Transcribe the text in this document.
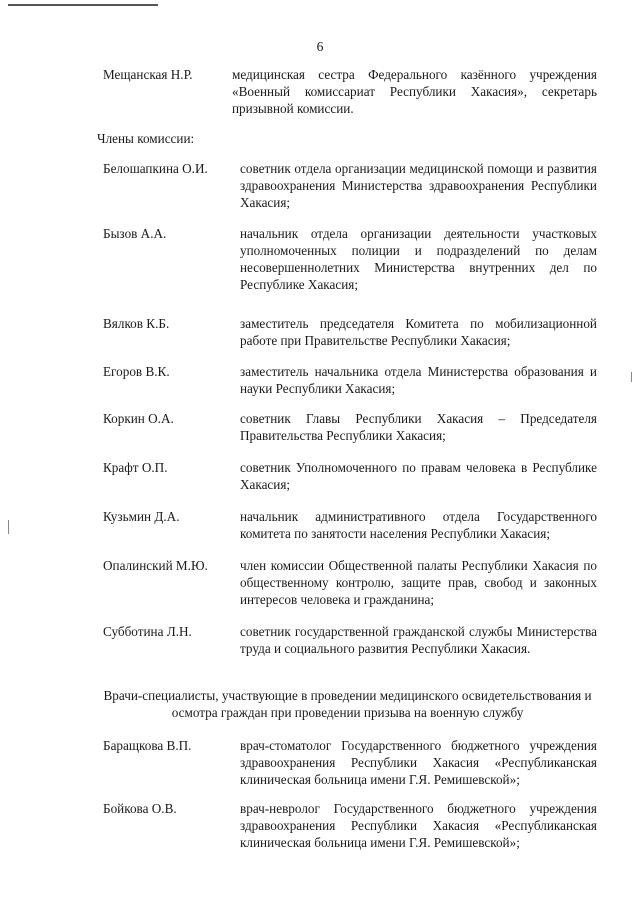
6
Мещанская Н.Р.	медицинская сестра Федерального казённого учреждения «Военный комиссариат Республики Хакасия», секретарь призывной комиссии.
Члены комиссии:
Белошапкина О.И. советник отдела организации медицинской помощи и развития здравоохранения Министерства здравоохранения Республики Хакасия;
Бызов А.А.	начальник отдела организации деятельности участковых уполномоченных полиции и подразделений по делам несовершеннолетних Министерства внутренних дел по Республике Хакасия;
Вялков К.Б.	заместитель председателя Комитета по мобилизационной работе при Правительстве Республики Хакасия;
Егоров В.К.	заместитель начальника отдела Министерства образования и науки Республики Хакасия;
Коркин О.А.	советник Главы Республики Хакасия – Председателя Правительства Республики Хакасия;
Крафт О.П.	советник Уполномоченного по правам человека в Республике Хакасия;
Кузьмин Д.А.	начальник административного отдела Государственного комитета по занятости населения Республики Хакасия;
Опалинский М.Ю. член комиссии Общественной палаты Республики Хакасия по общественному контролю, защите прав, свобод и законных интересов человека и гражданина;
Субботина Л.Н.	советник государственной гражданской службы Министерства труда и социального развития Республики Хакасия.
Врачи-специалисты, участвующие в проведении медицинского освидетельствования и осмотра граждан при проведении призыва на военную службу
Баращкова В.П.	врач-стоматолог Государственного бюджетного учреждения здравоохранения Республики Хакасия «Республиканская клиническая больница имени Г.Я. Ремишевской»;
Бойкова О.В.	врач-невролог Государственного бюджетного учреждения здравоохранения Республики Хакасия «Республиканская клиническая больница имени Г.Я. Ремишевской»;
